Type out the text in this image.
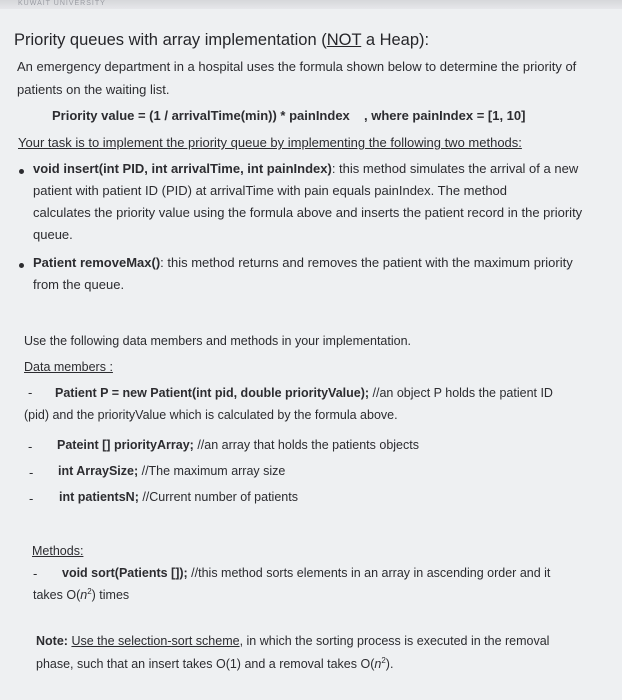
KUWAIT UNIVERSITY
Priority queues with array implementation (NOT a Heap):
An emergency department in a hospital uses the formula shown below to determine the priority of
patients on the waiting list.
Priority value = (1 / arrivalTime(min)) * painIndex , where painIndex = [1, 10]
Your task is to implement the priority queue by implementing the following two methods:
void insert(int PID, int arrivalTime, int painIndex): this method simulates the arrival of a new
patient with patient ID (PID) at arrivalTime with pain equals painIndex. The method
calculates the priority value using the formula above and inserts the patient record in the priority
queue.
Patient removeMax(): this method returns and removes the patient with the maximum priority
from the queue.
Use the following data members and methods in your implementation.
Data members :
- Patient P = new Patient(int pid, double priorityValue); //an object P holds the patient ID
(pid) and the priorityValue which is calculated by the formula above.
- Pateint [] priorityArray; //an array that holds the patients objects
- int ArraySize; //The maximum array size
- int patientsN; //Current number of patients
Methods:
- void sort(Patients []); //this method sorts elements in an array in ascending order and it
takes $O(n^2)$ times
Note: Use the selection-sort scheme, in which the sorting process is executed in the removal
phase, such that an insert takes O(1) and a removal takes $O(n^2)$.
